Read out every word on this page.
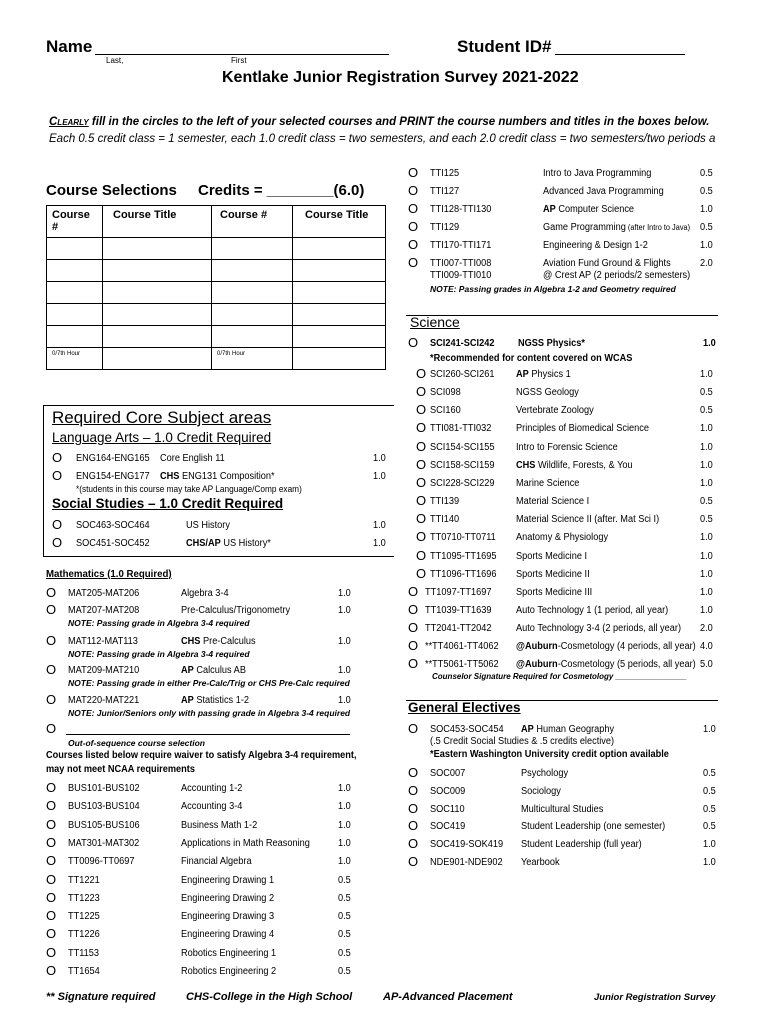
Name
Last,	First
Student ID#
Kentlake Junior Registration Survey 2021-2022
Clearly fill in the circles to the left of your selected courses and PRINT the course numbers and titles in the boxes below.
Each 0.5 credit class = 1 semester, each 1.0 credit class = two semesters, and each 2.0 credit class = two semesters/two periods a
Course Selections Credits = ________(6.0)
Course #	Course Title	Course #	Course Title

0/7th Hour		0/7th Hour	
Required Core Subject areas
Language Arts – 1.0 Credit Required
Social Studies – 1.0 Credit Required
*(students in this course may take AP Language/Comp exam)
O ENG164-ENG165 Core English 11	1.0
O ENG154-ENG177 CHS ENG131 Composition*	1.0
O SOC463-SOC464	US History	1.0
O SOC451-SOC452	CHS/AP US History*	1.0
O MAT205-MAT206	Algebra 3-4	1.0
O MAT207-MAT208	Pre-Calculus/Trigonometry	1.0
O MAT112-MAT113	CHS Pre-Calculus	1.0
O MAT209-MAT210	AP Calculus AB	1.0
O MAT220-MAT221	AP Statistics 1-2	1.0
NOTE: Passing grade in Algebra 3-4 required
NOTE: Passing grade in Algebra 3-4 required
NOTE: Passing grade in either Pre-Calc/Trig or CHS Pre-Calc required
NOTE: Junior/Seniors only with passing grade in Algebra 3-4 required
O BUS101-BUS102	Accounting 1-2	1.0
O BUS103-BUS104	Accounting 3-4	1.0
O BUS105-BUS106	Business Math 1-2	1.0
O MAT301-MAT302	Applications in Math Reasoning	1.0
O TT0096-TT0697	Financial Algebra	1.0
O TT1221	Engineering Drawing 1	0.5
O TT1223	Engineering Drawing 2	0.5
O TT1225	Engineering Drawing 3	0.5
O TT1226	Engineering Drawing 4	0.5
O TT1153	Robotics Engineering 1	0.5
O TT1654	Robotics Engineering 2	0.5
Mathematics (1.0 Required)
O
Out-of-sequence course selection
Courses listed below require waiver to satisfy Algebra 3-4 requirement,
may not meet NCAA requirements
O TTI125	Intro to Java Programming	0.5
O TTI127	Advanced Java Programming	0.5
O TTI128-TTI130	AP Computer Science	1.0
O TTI129	Game Programming (after Intro to Java) 0.5
O TTI170-TTI171	Engineering & Design 1-2	1.0
O TTI007-TTI008	Aviation Fund Ground & Flights	2.0
TTI009-TTI010	@ Crest AP (2 periods/2 semesters)
NOTE: Passing grades in Algebra 1-2 and Geometry required
Science
*Recommended for content covered on WCAS
O SCI241-SCI242 NGSS Physics*	1.0
O SCI260-SCI261 AP Physics 1	1.0
O SCI098	NGSS Geology	0.5
O SCI160	Vertebrate Zoology	0.5
O TTI081-TTI032 Principles of Biomedical Science	1.0
O SCI154-SCI155 Intro to Forensic Science	1.0
O SCI158-SCI159 CHS Wildlife, Forests, & You	1.0
O SCI228-SCI229 Marine Science	1.0
O TTI139	Material Science I	0.5
O TTI140	Material Science II (after. Mat Sci I)	0.5
O TT0710-TT0711 Anatomy & Physiology	1.0
O TT1095-TT1695 Sports Medicine I	1.0
O TT1096-TT1696 Sports Medicine II	1.0
O TT1097-TT1697 Sports Medicine III	1.0
O TT1039-TT1639 Auto Technology 1 (1 period, all year)	1.0
O TT2041-TT2042 Auto Technology 3-4 (2 periods, all year) 2.0
O **TT4061-TT4062 @Auburn-Cosmetology (4 periods, all year) 4.0
O **TT5061-TT5062 @Auburn-Cosmetology (5 periods, all year) 5.0
Counselor Signature Required for Cosmetology ________________
General Electives
(.5 Credit Social Studies & .5 credits elective)
*Eastern Washington University credit option available
O SOC453-SOC454 AP Human Geography	1.0
O SOC007	Psychology	0.5
O SOC009	Sociology	0.5
O SOC110	Multicultural Studies	0.5
O SOC419	Student Leadership (one semester)	0.5
O SOC419-SOK419 Student Leadership (full year)	1.0
O NDE901-NDE902 Yearbook	1.0
** Signature required	CHS-College in the High School	AP-Advanced Placement	Junior Registration Survey
